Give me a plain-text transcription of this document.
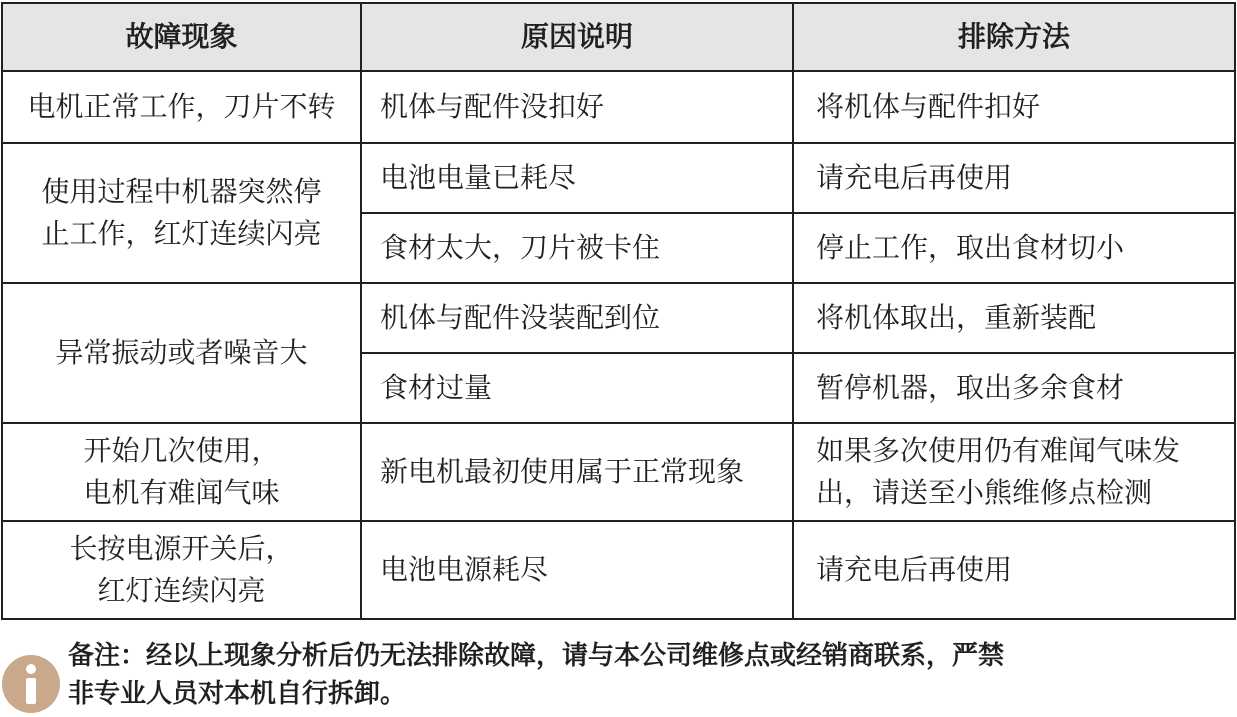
故障现象	原因说明	排除方法
电机正常工作，刀片不转	机体与配件没扣好	将机体与配件扣好
使用过程中机器突然停
止工作，红灯连续闪亮	电池电量已耗尽	请充电后再使用
	食材太大，刀片被卡住	停止工作，取出食材切小
异常振动或者噪音大	机体与配件没装配到位	将机体取出，重新装配
	食材过量	暂停机器，取出多余食材
开始几次使用，
电机有难闻气味	新电机最初使用属于正常现象	如果多次使用仍有难闻气味发
出，请送至小熊维修点检测
长按电源开关后，
红灯连续闪亮	电池电源耗尽	请充电后再使用
备注：经以上现象分析后仍无法排除故障，请与本公司维修点或经销商联系，严禁
非专业人员对本机自行拆卸。
